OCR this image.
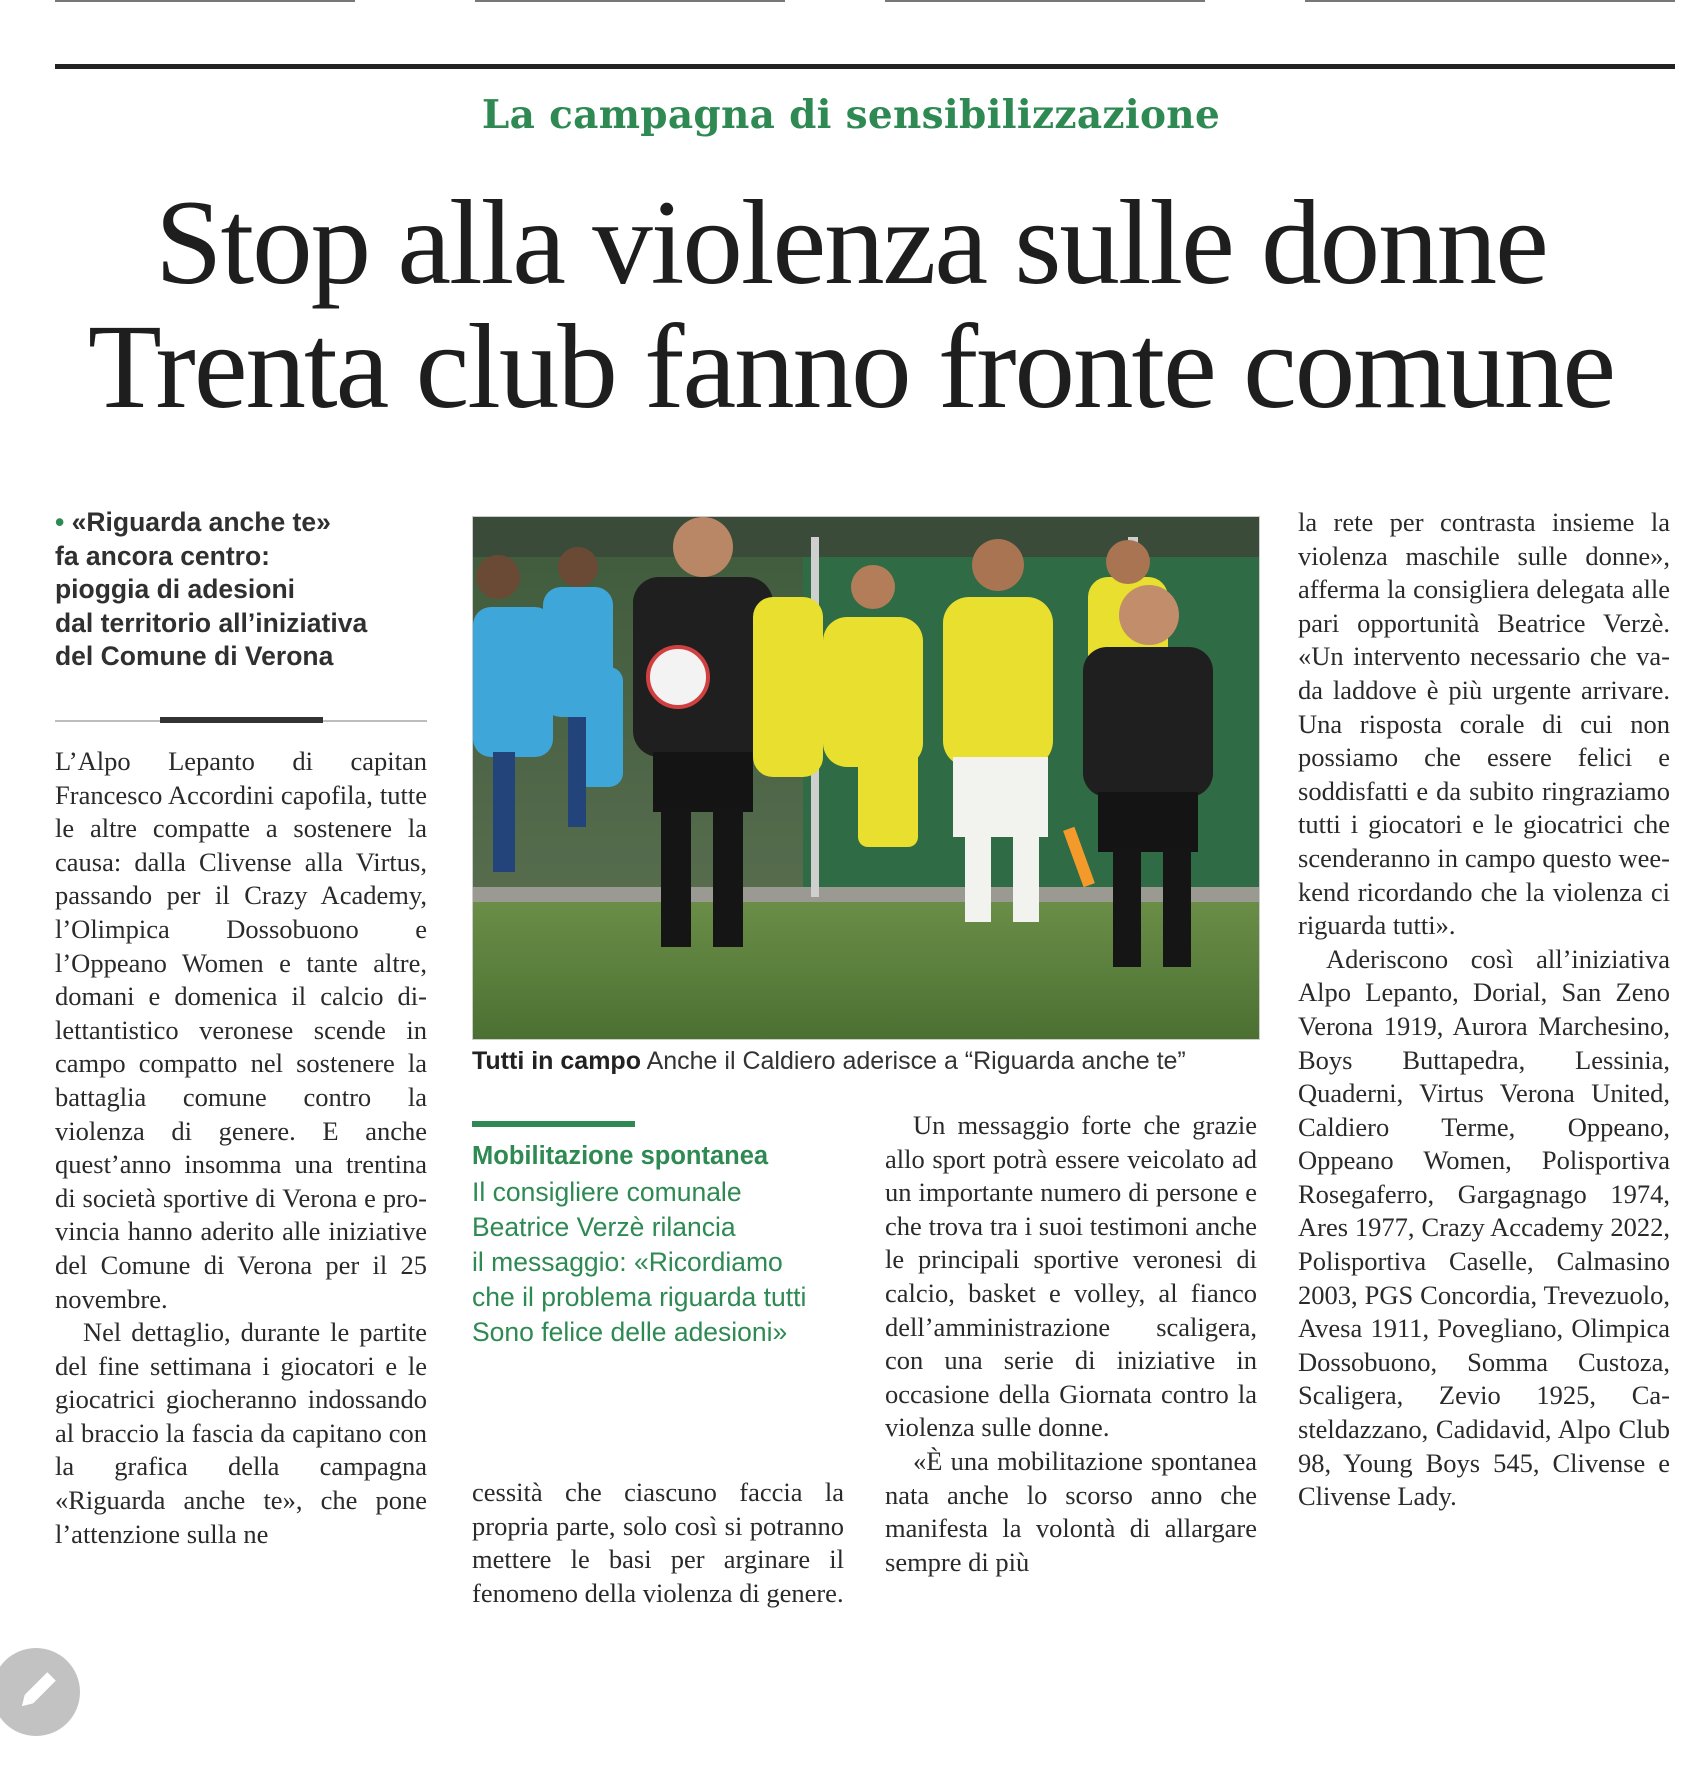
La campagna di sensibilizzazione
Stop alla violenza sulle donne
Trenta club fanno fronte comune
• «Riguarda anche te»
fa ancora centro:
pioggia di adesioni
dal territorio all’iniziativa
del Comune di Verona

L’Alpo Lepanto di capitan Francesco Accordini capofila, tutte le altre compatte a sostenere la causa: dalla Clivense alla Virtus, passando per il Crazy Academy, l’Olimpica Dossobuono e l’Oppeano Women e tante altre, domani e domenica il calcio dilettantistico veronese scende in campo compatto nel sostenere la battaglia comune contro la violenza di genere. E anche quest’anno insomma una trentina di società sportive di Verona e provincia hanno aderito alle iniziative del Comune di Verona per il 25 novembre.

Nel dettaglio, durante le partite del fine settimana i giocatori e le giocatrici giocheranno indossando al braccio la fascia da capitano con la grafica della campagna «Riguarda anche te», che pone l’attenzione sulla ne

Tutti in campo Anche il Caldiero aderisce a “Riguarda anche te”
Mobilitazione spontanea
Il consigliere comunale
Beatrice Verzè rilancia
il messaggio: «Ricordiamo
che il problema riguarda tutti
Sono felice delle adesioni»

cessità che ciascuno faccia la propria parte, solo così si potranno mettere le basi per arginare il fenomeno della violenza di genere.

Un messaggio forte che grazie allo sport potrà essere veicolato ad un importante numero di persone e che trova tra i suoi testimoni anche le principali sportive veronesi di calcio, basket e volley, al fianco dell’amministrazione scaligera, con una serie di iniziative in occasione della Giornata contro la violenza sulle donne.

«È una mobilitazione spontanea nata anche lo scorso anno che manifesta la volontà di allargare sempre di più

la rete per contrasta insieme la violenza maschile sulle donne», afferma la consigliera delegata alle pari opportunità Beatrice Verzè. «Un intervento necessario che vada laddove è più urgente arrivare. Una risposta corale di cui non possiamo che essere felici e soddisfatti e da subito ringraziamo tutti i giocatori e le giocatrici che scenderanno in campo questo weekend ricordando che la violenza ci riguarda tutti».

Aderiscono così all’iniziativa Alpo Lepanto, Dorial, San Zeno Verona 1919, Aurora Marchesino, Boys Buttapedra, Lessinia, Quaderni, Virtus Verona United, Caldiero Terme, Oppeano, Oppeano Women, Polisportiva Rosegaferro, Gargagnago 1974, Ares 1977, Crazy Accademy 2022, Polisportiva Caselle, Calmasino 2003, PGS Concordia, Trevezuolo, Avesa 1911, Povegliano, Olimpica Dossobuono, Somma Custoza, Scaligera, Zevio 1925, Casteldazzano, Cadidavid, Alpo Club 98, Young Boys 545, Clivense e Clivense Lady.
